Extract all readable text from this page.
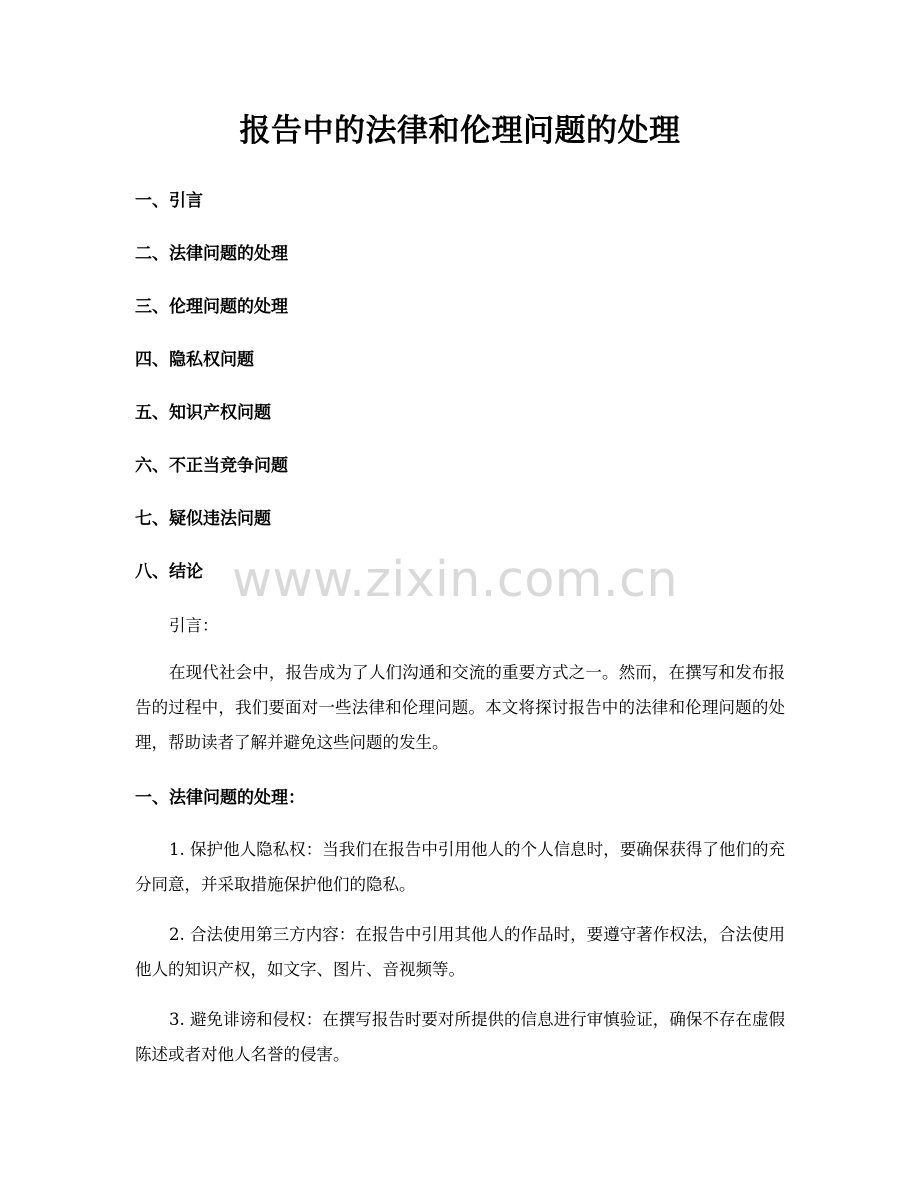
报告中的法律和伦理问题的处理
一、引言
二、法律问题的处理
三、伦理问题的处理
四、隐私权问题
五、知识产权问题
六、不正当竞争问题
七、疑似违法问题
八、结论 www.zixin.com.cn

引言：

在现代社会中，报告成为了人们沟通和交流的重要方式之一。然而，在撰写和发布报告的过程中，我们要面对一些法律和伦理问题。本文将探讨报告中的法律和伦理问题的处理，帮助读者了解并避免这些问题的发生。

一、法律问题的处理：

1. 保护他人隐私权：当我们在报告中引用他人的个人信息时，要确保获得了他们的充分同意，并采取措施保护他们的隐私。

2. 合法使用第三方内容：在报告中引用其他人的作品时，要遵守著作权法，合法使用他人的知识产权，如文字、图片、音视频等。

3. 避免诽谤和侵权：在撰写报告时要对所提供的信息进行审慎验证，确保不存在虚假陈述或者对他人名誉的侵害。
